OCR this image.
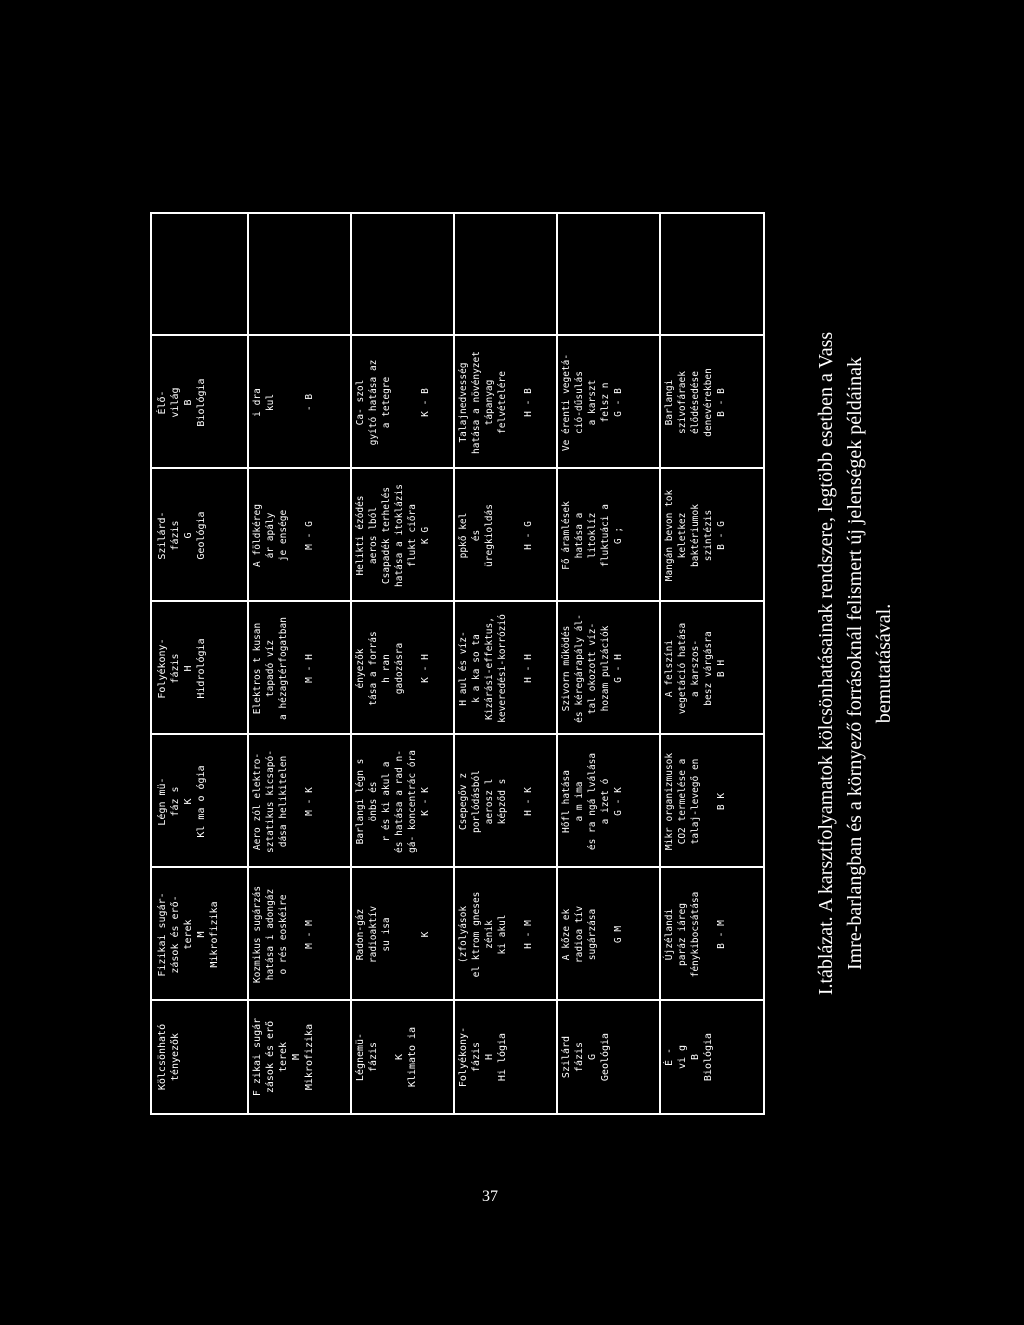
Kölcsönható
tényezők
Fizikai sugár-
zások és erő-
terek
M
Mikrofizika
Légn mü-
fáz s
K
Kl ma o ógia
Folyékony-
fázis
H
Hidrológia
Szilárd-
fázis
G
Geológia
Élő-
világ
B
Biológia
F zikai sugár
zások és erő
terek
M
Mikrofizika
Kozmikus sugárzás
hatása i adongáz
o rés eoskéire

M - M
Aero zól elektro-
sztatikus kicsapó-
dása helikitelen

M - K
Elektros t kusan
tapadó víz
a hézagtérfogatban

M - H
A földkéreg
ár apály
je ensége

M - G
i dra
kul

- B
Légnemü-
fázis

K
Klimato ia
Radon-gáz
radioaktív
su isa

K
Barlangi légn s
önbs és
r és ki akul a
és hatása a rad n-
gá- koncentrác óra
K - K
ényezők
tása a forrás
h ran
gadozásra

K - H
Helikti ézódés
aeros lból
Csapadék terhelés
hatása a itoklázis
flukt ciőra
K G
Ca- szol
gyító hatása az
a tetegre

K - B
Folyékony-
fázis
H
Hi lógia
(zfolyások
el ktrom gneses
zénik
ki akul

H - M
Csepegőv z
porlódásból
aerosz l
képződ s

H - K
H aul és víz-
k a ka so ta
Kizárási-effektus,
keveredési-korrózió

H - H
ppkő kel
és
üregkioldás

H - G
Talajnedvesség
hatása a növényzet
tápanyag
felvételére

H - B
Szilárd
fázis
G
Geológia
A kőze ek
radioa tív
sugárzása

G M
Hőfl hatása
a m ima
és ra ngá lválása
a izet ó
G - K
Szivorn működés
és kéregárapály ál-
tal okozott víz-
hozam pulzációk
G - H
Fő áramlések
hatása a
litoklíz
fluktuáci a
G ;
Ve érenti vegetá-
ció-dűsulás
a karszt
felsz n
G - B
É -
vi g
B
Biológia
Újzélandi
paráz iáreg
fénykibocsátása

B - M
Mikr organizmusok
CO2 termelése a
talaj-levegő en

B K
A felszíni
vegetáció hatása
a karszos-
besz várgásra
B H
Mangán bevon tok
keletkez
baktériumok
szintézis
B - G
Barlangi
szivofáraek
élődésedése
denevérekben
B - B
I.táblázat. A karsztfolyamatok kölcsönhatásainak rendszere, legtöbb esetben a Vass
Imre-barlangban és a környező forrásoknál felismert új jelenségek példáinak
bemutatásával.
37
